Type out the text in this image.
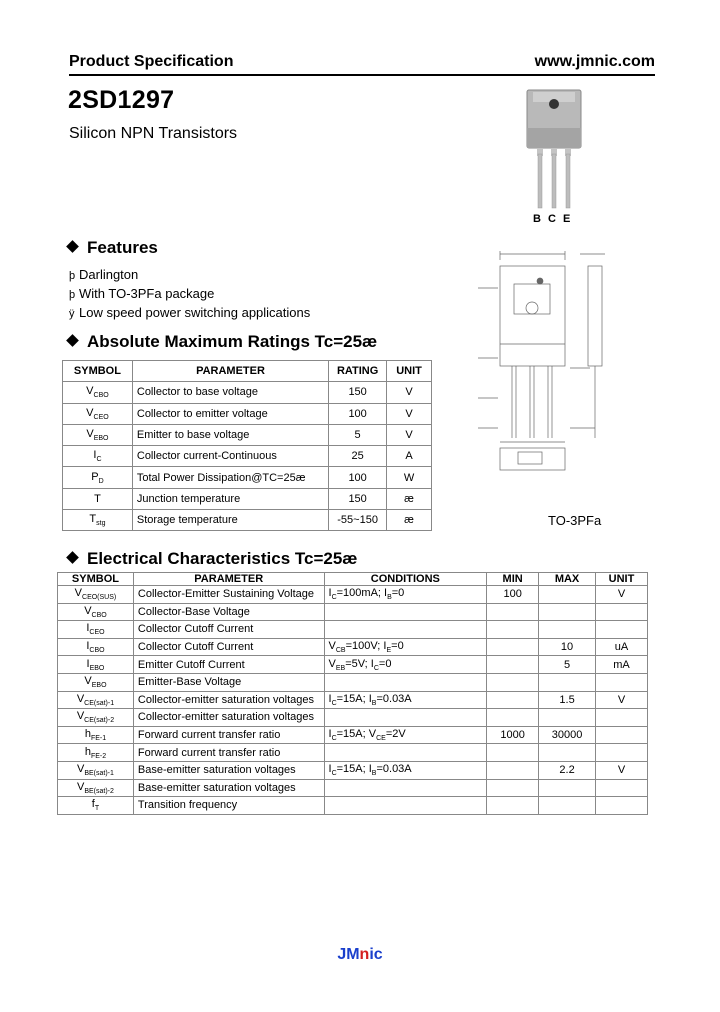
Product Specification	www.jmnic.com
2SD1297
Silicon NPN Transistors
B C E
Features
þ Darlington
þ With TO-3PFa package
ÿ Low speed power switching applications
Absolute Maximum Ratings Tc=25æ
SYMBOL	PARAMETER	RATING	UNIT
$V_{CBO}$	Collector to base voltage	150	V
$V_{CEO}$	Collector to emitter voltage	100	V
$V_{EBO}$	Emitter to base voltage	5	V
$I_C$	Collector current-Continuous	25	A
$P_D$	Total Power Dissipation@TC=25æ	100	W
T	Junction temperature	150	æ
$T_{stg}$	Storage temperature	-55~150	æ	TO-3PFa
Electrical Characteristics Tc=25æ
SYMBOL	PARAMETER	CONDITIONS	MIN	MAX	UNIT
$V_{CEO(SUS)}$	Collector-Emitter Sustaining Voltage	$I_C=100mA$; $I_B=0$	100		V
$V_{CBO}$	Collector-Base Voltage				
$I_{CEO}$	Collector Cutoff Current				
$I_{CBO}$	Collector Cutoff Current	$V_{CB}=100V$; $I_E=0$		10	uA
$I_{EBO}$	Emitter Cutoff Current	$V_{EB}=5V$; $I_C=0$		5	mA
$V_{EBO}$	Emitter-Base Voltage				
$V_{CE(sat)-1}$	Collector-emitter saturation voltages	$I_C=15A$; $I_B=0.03A$		1.5	V
$V_{CE(sat)-2}$	Collector-emitter saturation voltages				
$h_{FE-1}$	Forward current transfer ratio	$I_C=15A$; $V_{CE}=2V$	1000	30000	
$h_{FE-2}$	Forward current transfer ratio				
$V_{BE(sat)-1}$	Base-emitter saturation voltages	$I_C=15A$; $I_B=0.03A$		2.2	V
$V_{BE(sat)-2}$	Base-emitter saturation voltages				
$f_T$	Transition frequency				
JMnic
